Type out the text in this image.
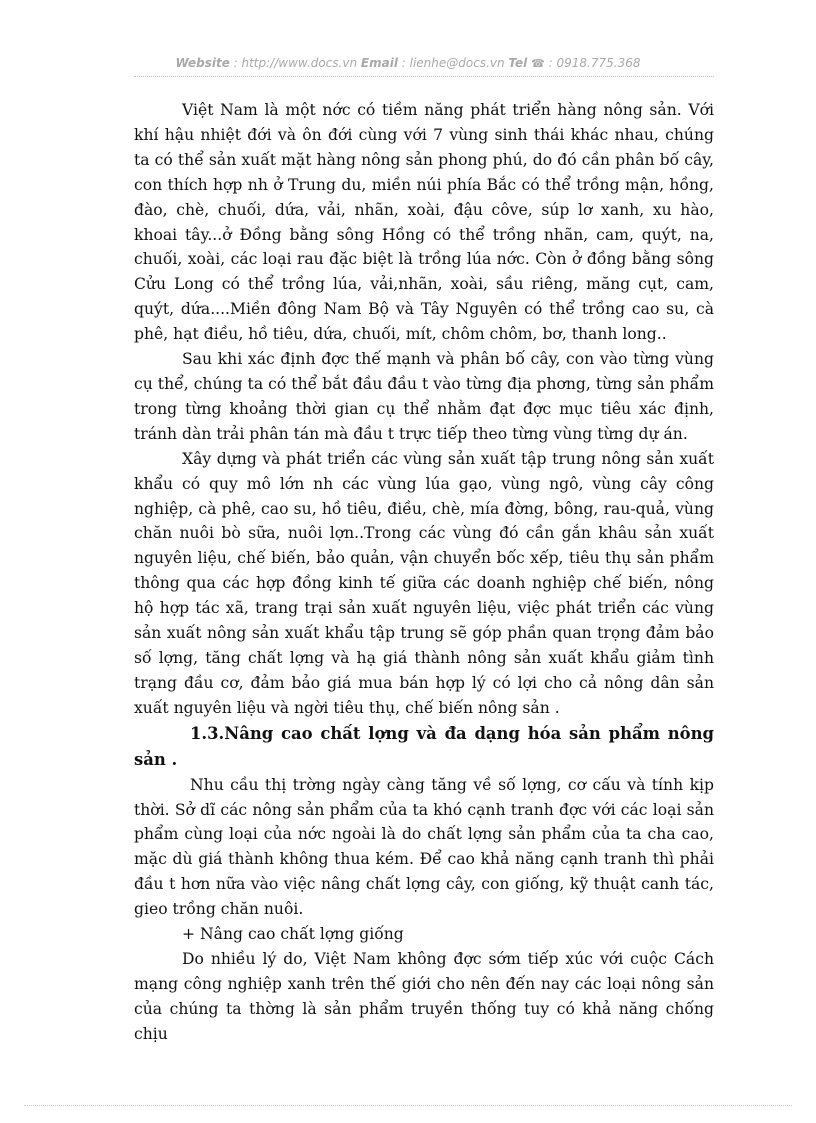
Website : http://www.docs.vn Email : lienhe@docs.vn Tel ☎ : 0918.775.368

Việt Nam là một nớc có tiềm năng phát triển hàng nông sản. Với khí hậu nhiệt đới và ôn đới cùng với 7 vùng sinh thái khác nhau, chúng ta có thể sản xuất mặt hàng nông sản phong phú, do đó cần phân bố cây, con thích hợp nh ở Trung du, miền núi phía Bắc có thể trồng mận, hồng, đào, chè, chuối, dứa, vải, nhãn, xoài, đậu côve, súp lơ xanh, xu hào, khoai tây...ở Đồng bằng sông Hồng có thể trồng nhãn, cam, quýt, na, chuối, xoài, các loại rau đặc biệt là trồng lúa nớc. Còn ở đồng bằng sông Cửu Long có thể trồng lúa, vải,nhãn, xoài, sầu riêng, măng cụt, cam, quýt, dứa....Miền đông Nam Bộ và Tây Nguyên có thể trồng cao su, cà phê, hạt điều, hồ tiêu, dứa, chuối, mít, chôm chôm, bơ, thanh long..

Sau khi xác định đợc thế mạnh và phân bố cây, con vào từng vùng cụ thể, chúng ta có thể bắt đầu đầu t vào từng địa phơng, từng sản phẩm trong từng khoảng thời gian cụ thể nhằm đạt đợc mục tiêu xác định, tránh dàn trải phân tán mà đầu t trực tiếp theo từng vùng từng dự án.

Xây dựng và phát triển các vùng sản xuất tập trung nông sản xuất khẩu có quy mô lớn nh các vùng lúa gạo, vùng ngô, vùng cây công nghiệp, cà phê, cao su, hồ tiêu, điều, chè, mía đờng, bông, rau-quả, vùng chăn nuôi bò sữa, nuôi lợn..Trong các vùng đó cần gắn khâu sản xuất nguyên liệu, chế biến, bảo quản, vận chuyển bốc xếp, tiêu thụ sản phẩm thông qua các hợp đồng kinh tế giữa các doanh nghiệp chế biến, nông hộ hợp tác xã, trang trại sản xuất nguyên liệu, việc phát triển các vùng sản xuất nông sản xuất khẩu tập trung sẽ góp phần quan trọng đảm bảo số lợng, tăng chất lợng và hạ giá thành nông sản xuất khẩu giảm tình trạng đầu cơ, đảm bảo giá mua bán hợp lý có lợi cho cả nông dân sản xuất nguyên liệu và ngời tiêu thụ, chế biến nông sản .

1.3.Nâng cao chất lợng và đa dạng hóa sản phẩm nông sản .

Nhu cầu thị trờng ngày càng tăng về số lợng, cơ cấu và tính kịp thời. Sở dĩ các nông sản phẩm của ta khó cạnh tranh đợc với các loại sản phẩm cùng loại của nớc ngoài là do chất lợng sản phẩm của ta cha cao, mặc dù giá thành không thua kém. Để cao khả năng cạnh tranh thì phải đầu t hơn nữa vào việc nâng chất lợng cây, con giống, kỹ thuật canh tác, gieo trồng chăn nuôi.

+ Nâng cao chất lợng giống

Do nhiều lý do, Việt Nam không đợc sớm tiếp xúc với cuộc Cách mạng công nghiệp xanh trên thế giới cho nên đến nay các loại nông sản của chúng ta thờng là sản phẩm truyền thống tuy có khả năng chống chịu
